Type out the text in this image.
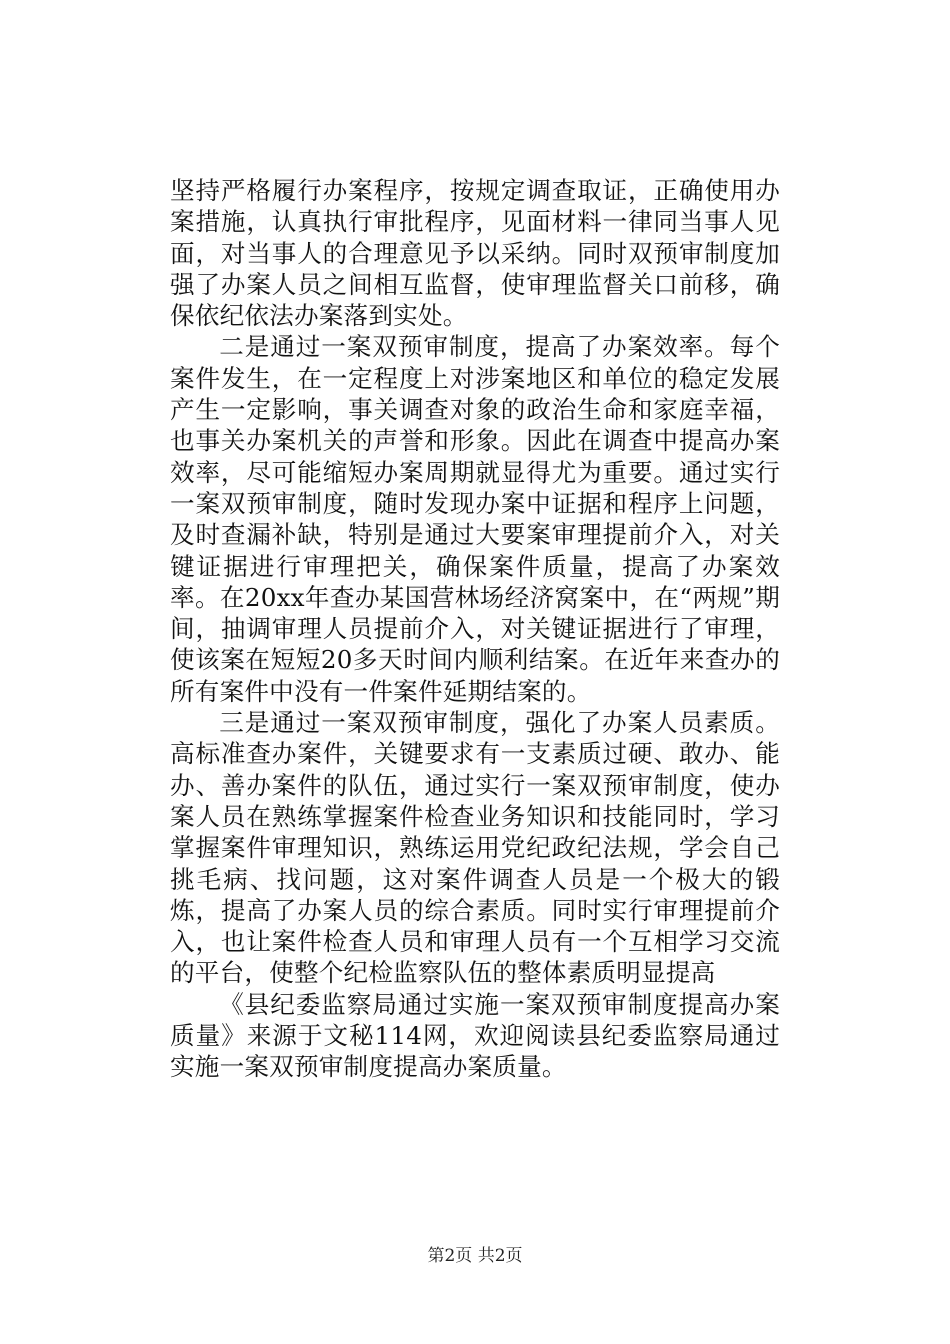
坚持严格履行办案程序，按规定调查取证，正确使用办案措施，认真执行审批程序，见面材料一律同当事人见面，对当事人的合理意见予以采纳。同时双预审制度加强了办案人员之间相互监督，使审理监督关口前移，确保依纪依法办案落到实处。

二是通过一案双预审制度，提高了办案效率。每个案件发生，在一定程度上对涉案地区和单位的稳定发展产生一定影响，事关调查对象的政治生命和家庭幸福，也事关办案机关的声誉和形象。因此在调查中提高办案效率，尽可能缩短办案周期就显得尤为重要。通过实行一案双预审制度，随时发现办案中证据和程序上问题，及时查漏补缺，特别是通过大要案审理提前介入，对关键证据进行审理把关，确保案件质量，提高了办案效率。在20xx年查办某国营林场经济窝案中，在“两规”期间，抽调审理人员提前介入，对关键证据进行了审理，使该案在短短20多天时间内顺利结案。在近年来查办的所有案件中没有一件案件延期结案的。

三是通过一案双预审制度，强化了办案人员素质。高标准查办案件，关键要求有一支素质过硬、敢办、能办、善办案件的队伍，通过实行一案双预审制度，使办案人员在熟练掌握案件检查业务知识和技能同时，学习掌握案件审理知识，熟练运用党纪政纪法规，学会自己挑毛病、找问题，这对案件调查人员是一个极大的锻炼，提高了办案人员的综合素质。同时实行审理提前介入，也让案件检查人员和审理人员有一个互相学习交流的平台，使整个纪检监察队伍的整体素质明显提高

《县纪委监察局通过实施一案双预审制度提高办案质量》来源于文秘114网，欢迎阅读县纪委监察局通过实施一案双预审制度提高办案质量。

第2页 共2页
